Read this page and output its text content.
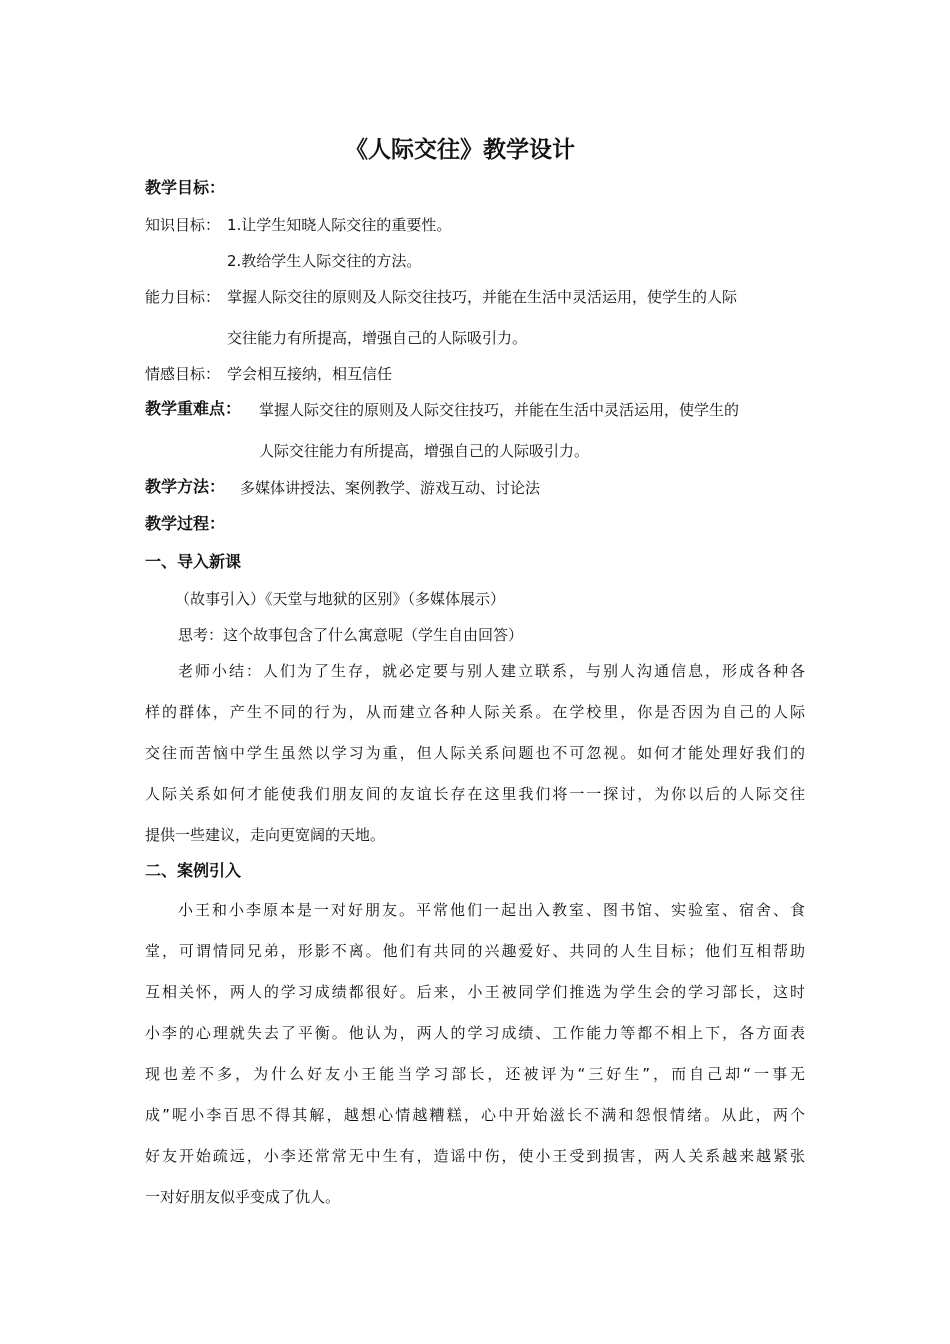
《人际交往》教学设计
教学目标：
知识目标： 1.让学生知晓人际交往的重要性。
2.教给学生人际交往的方法。
能力目标： 掌握人际交往的原则及人际交往技巧，并能在生活中灵活运用，使学生的人际
交往能力有所提高，增强自己的人际吸引力。
情感目标： 学会相互接纳，相互信任
教学重难点： 掌握人际交往的原则及人际交往技巧，并能在生活中灵活运用，使学生的
人际交往能力有所提高，增强自己的人际吸引力。
教学方法： 多媒体讲授法、案例教学、游戏互动、讨论法
教学过程：
一、导入新课
（故事引入）《天堂与地狱的区别》（多媒体展示）
思考：这个故事包含了什么寓意呢（学生自由回答）
老师小结：人们为了生存，就必定要与别人建立联系，与别人沟通信息，形成各种各
样的群体，产生不同的行为，从而建立各种人际关系。在学校里，你是否因为自己的人际
交往而苦恼中学生虽然以学习为重，但人际关系问题也不可忽视。如何才能处理好我们的
人际关系如何才能使我们朋友间的友谊长存在这里我们将一一探讨，为你以后的人际交往
提供一些建议，走向更宽阔的天地。
二、案例引入
小王和小李原本是一对好朋友。平常他们一起出入教室、图书馆、实验室、宿舍、食
堂，可谓情同兄弟，形影不离。他们有共同的兴趣爱好、共同的人生目标；他们互相帮助
互相关怀，两人的学习成绩都很好。后来，小王被同学们推选为学生会的学习部长，这时
小李的心理就失去了平衡。他认为，两人的学习成绩、工作能力等都不相上下，各方面表
现也差不多，为什么好友小王能当学习部长，还被评为“三好生”，而自己却“一事无
成”呢小李百思不得其解，越想心情越糟糕，心中开始滋长不满和怨恨情绪。从此，两个
好友开始疏远，小李还常常无中生有，造谣中伤，使小王受到损害，两人关系越来越紧张
一对好朋友似乎变成了仇人。
